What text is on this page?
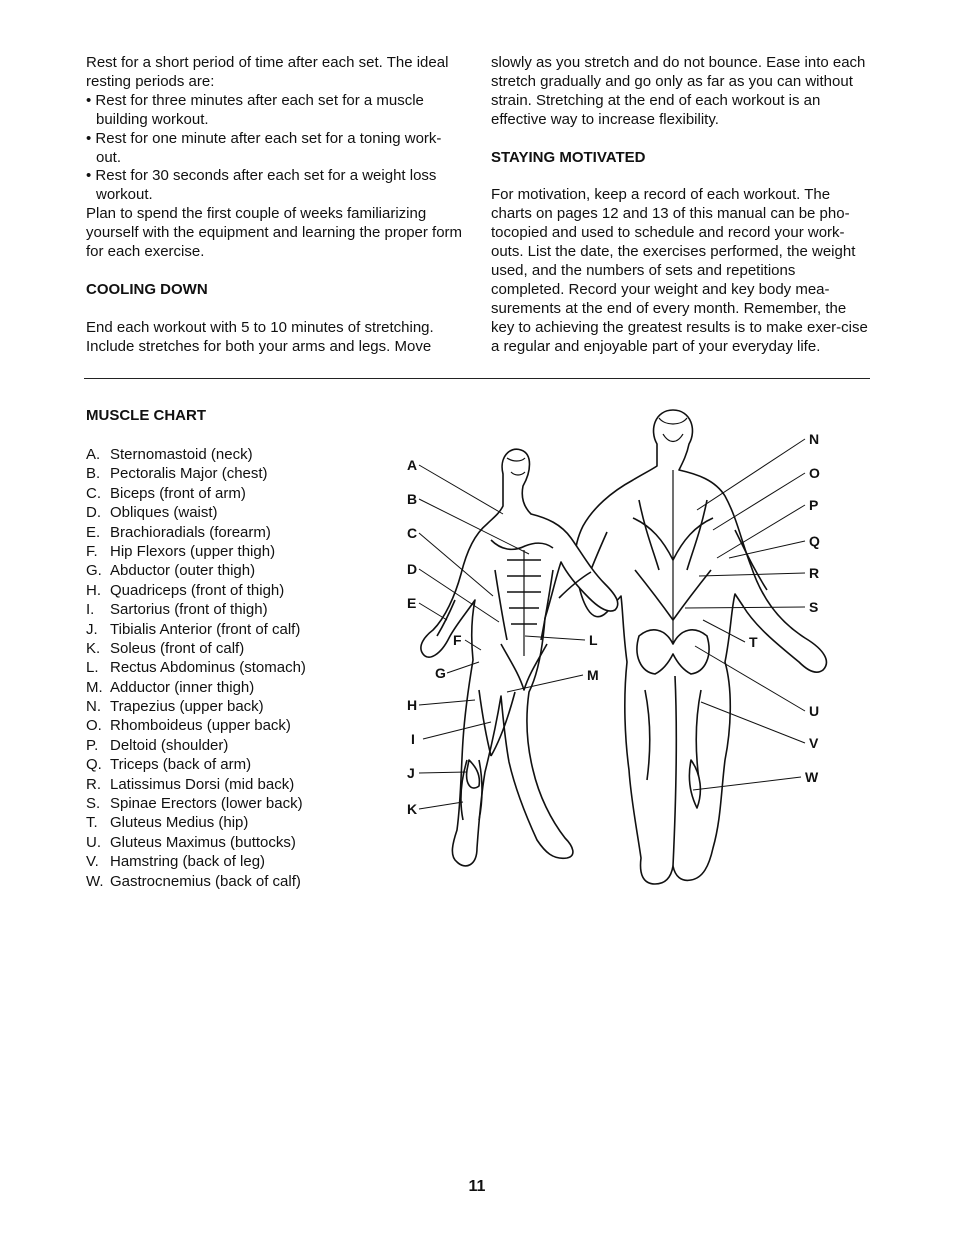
Rest for a short period of time after each set. The ideal resting periods are:

• Rest for three minutes after each set for a muscle building workout.

• Rest for one minute after each set for a toning work-out.

• Rest for 30 seconds after each set for a weight loss workout.

Plan to spend the first couple of weeks familiarizing yourself with the equipment and learning the proper form for each exercise.

COOLING DOWN

End each workout with 5 to 10 minutes of stretching. Include stretches for both your arms and legs. Move

slowly as you stretch and do not bounce. Ease into each stretch gradually and go only as far as you can without strain. Stretching at the end of each workout is an effective way to increase flexibility.

STAYING MOTIVATED

For motivation, keep a record of each workout. The charts on pages 12 and 13 of this manual can be pho-tocopied and used to schedule and record your work-outs. List the date, the exercises performed, the weight used, and the numbers of sets and repetitions completed. Record your weight and key body mea-surements at the end of every month. Remember, the key to achieving the greatest results is to make exer-cise a regular and enjoyable part of your everyday life.

MUSCLE CHART
A. Sternomastoid (neck)
B. Pectoralis Major (chest)
C. Biceps (front of arm)
D. Obliques (waist)
E. Brachioradials (forearm)
F. Hip Flexors (upper thigh)
G. Abductor (outer thigh)
H. Quadriceps (front of thigh)
I. Sartorius (front of thigh)
J. Tibialis Anterior (front of calf)
K. Soleus (front of calf)
L. Rectus Abdominus (stomach)
M. Adductor (inner thigh)
N. Trapezius (upper back)
O. Rhomboideus (upper back)
P. Deltoid (shoulder)
Q. Triceps (back of arm)
R. Latissimus Dorsi (mid back)
S. Spinae Erectors (lower back)
T. Gluteus Medius (hip)
U. Gluteus Maximus (buttocks)
V. Hamstring (back of leg)
W. Gastrocnemius (back of calf)
A
B
C
D
E
F
G
H
I
J
K
L
M
N
O
P
Q
R
S
T
U
V
W
11
